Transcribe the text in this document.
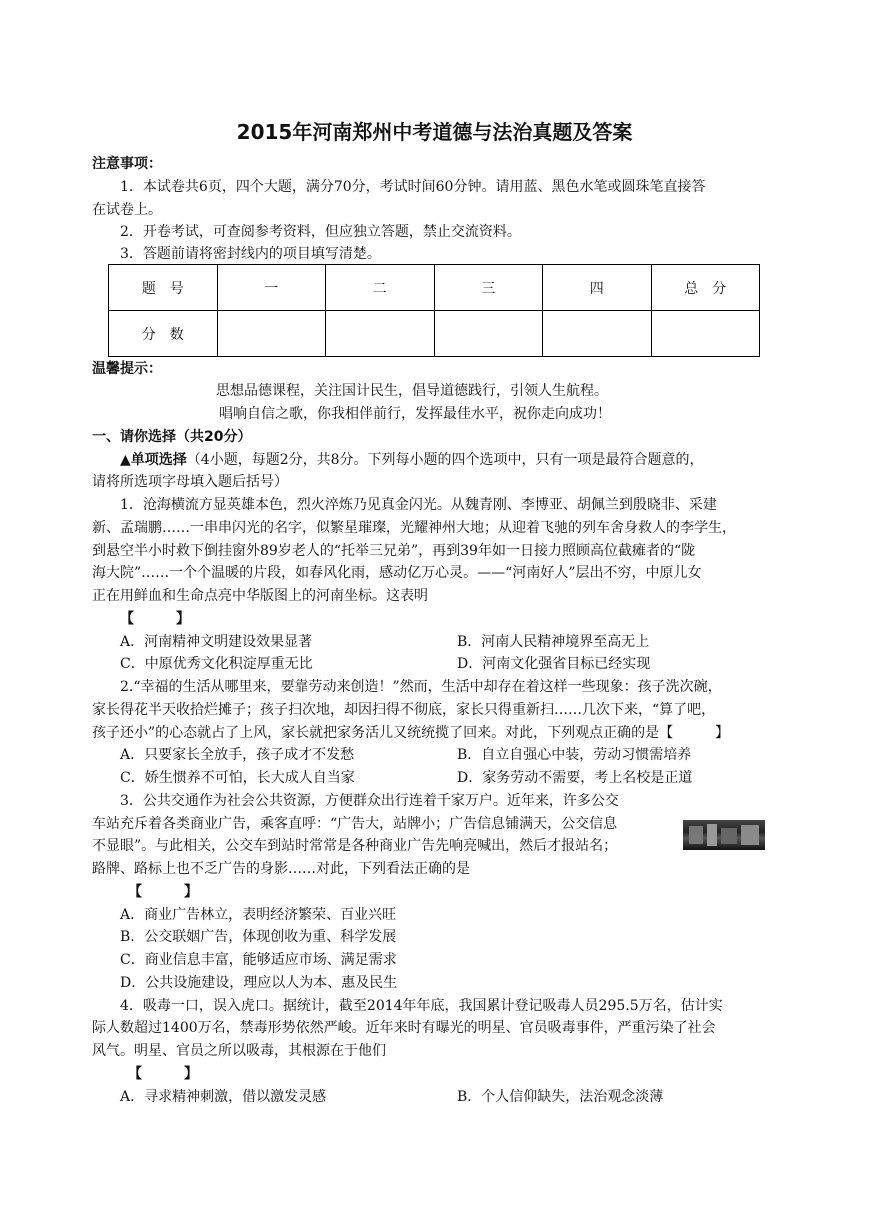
2015年河南郑州中考道德与法治真题及答案
注意事项：
1．本试卷共6页，四个大题，满分70分，考试时间60分钟。请用蓝、黑色水笔或圆珠笔直接答
在试卷上。
2．开卷考试，可查阅参考资料，但应独立答题，禁止交流资料。
3．答题前请将密封线内的项目填写清楚。
题　号	一	二	三	四	总　分
分　数					
温馨提示：
思想品德课程，关注国计民生，倡导道德践行，引领人生航程。
唱响自信之歌，你我相伴前行，发挥最佳水平，祝你走向成功！
一、请你选择（共20分）
▲单项选择（4小题，每题2分，共8分。下列每小题的四个选项中，只有一项是最符合题意的，
请将所选项字母填入题后括号）
1．沧海横流方显英雄本色，烈火淬炼乃见真金闪光。从魏青刚、李博亚、胡佩兰到殷晓非、采建
新、孟瑞鹏……一串串闪光的名字，似繁星璀璨，光耀神州大地；从迎着飞驰的列车舍身救人的李学生，
到悬空半小时救下倒挂窗外89岁老人的“托举三兄弟”，再到39年如一日接力照顾高位截瘫者的“陇
海大院”……一个个温暖的片段，如春风化雨，感动亿万心灵。——“河南好人”层出不穷，中原儿女
正在用鲜血和生命点亮中华版图上的河南坐标。这表明
【　　　】
A．河南精神文明建设效果显著	B．河南人民精神境界至高无上
C．中原优秀文化积淀厚重无比	D．河南文化强省目标已经实现
2.“幸福的生活从哪里来，要靠劳动来创造！”然而，生活中却存在着这样一些现象：孩子洗次碗，
家长得花半天收拾烂摊子；孩子扫次地，却因扫得不彻底，家长只得重新扫……几次下来，“算了吧，
孩子还小”的心态就占了上风，家长就把家务活儿又统统揽了回来。对此，下列观点正确的是【　　　】
A．只要家长全放手，孩子成才不发愁	B．自立自强心中装，劳动习惯需培养
C．娇生惯养不可怕，长大成人自当家	D．家务劳动不需要，考上名校是正道
3．公共交通作为社会公共资源，方便群众出行连着千家万户。近年来，许多公交
车站充斥着各类商业广告，乘客直呼：“广告大，站牌小；广告信息铺满天，公交信息
不显眼”。与此相关，公交车到站时常常是各种商业广告先响亮喊出，然后才报站名；
路牌、路标上也不乏广告的身影……对此，下列看法正确的是
【　　　】
A．商业广告林立，表明经济繁荣、百业兴旺
B．公交联姻广告，体现创收为重、科学发展
C．商业信息丰富，能够适应市场、满足需求
D．公共设施建设，理应以人为本、惠及民生
4．吸毒一口，误入虎口。据统计，截至2014年年底，我国累计登记吸毒人员295.5万名，估计实
际人数超过1400万名，禁毒形势依然严峻。近年来时有曝光的明星、官员吸毒事件，严重污染了社会
风气。明星、官员之所以吸毒，其根源在于他们
【　　　】
A．寻求精神刺激，借以激发灵感	B．个人信仰缺失，法治观念淡薄
